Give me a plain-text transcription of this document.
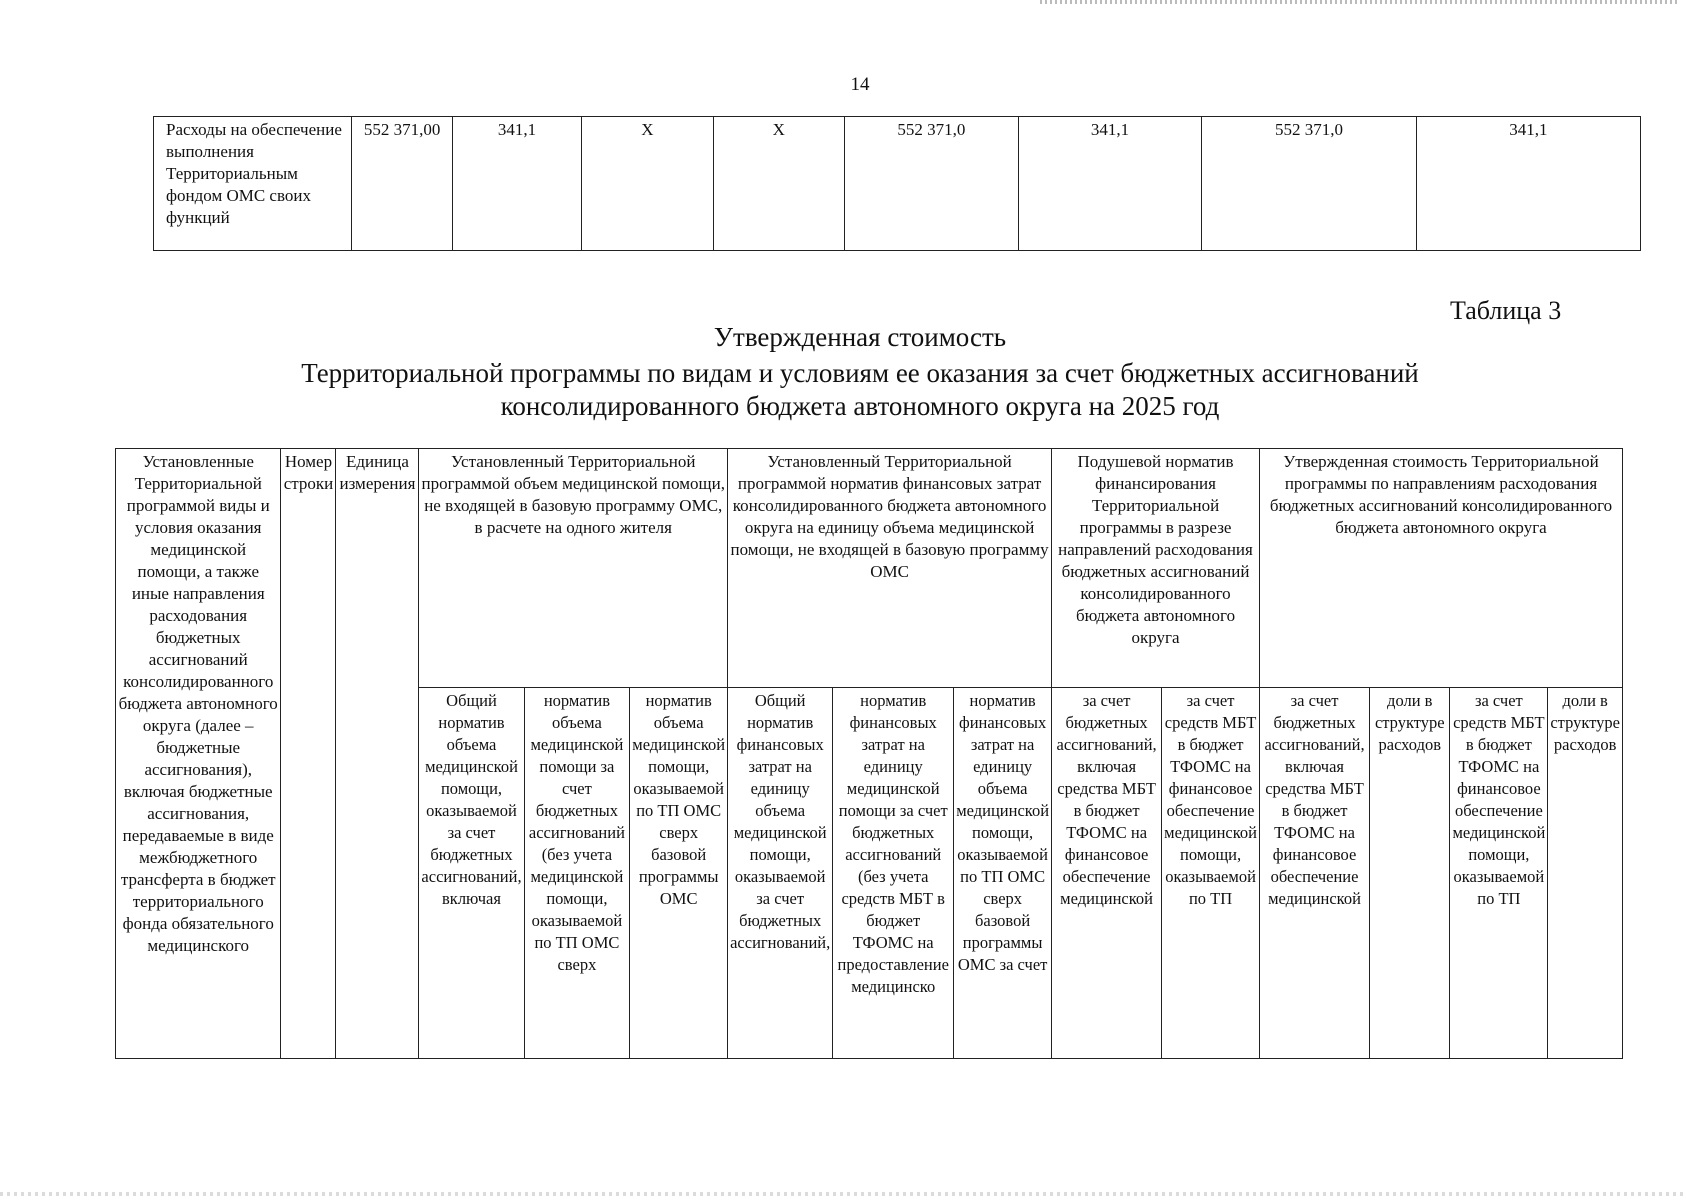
14
Расходы на обеспечение выполнения Территориальным фондом ОМС своих функций	552 371,00	341,1	Х	Х	552 371,0	341,1	552 371,0	341,1
Таблица 3
Утвержденная стоимость
Территориальной программы по видам и условиям ее оказания за счет бюджетных ассигнований
консолидированного бюджета автономного округа на 2025 год
Установленные Территориальной программой виды и условия оказания медицинской помощи, а также иные направления расходования бюджетных ассигнований консолидированного бюджета автономного округа (далее – бюджетные ассигнования), включая бюджетные ассигнования, передаваемые в виде межбюджетного трансферта в бюджет территориального фонда обязательного медицинского	Номер строки	Единица измерения	Установленный Территориальной программой объем медицинской помощи, не входящей в базовую программу ОМС, в расчете на одного жителя			Установленный Территориальной программой норматив финансовых затрат консолидированного бюджета автономного округа на единицу объема медицинской помощи, не входящей в базовую программу ОМС			Подушевой норматив финансирования Территориальной программы в разрезе направлений расходования бюджетных ассигнований консолидированного бюджета автономного округа		Утвержденная стоимость Территориальной программы по направлениям расходования бюджетных ассигнований консолидированного бюджета автономного округа			
			Общий норматив объема медицинской помощи, оказываемой за счет бюджетных ассигнований, включая	норматив объема медицинской помощи за счет бюджетных ассигнований (без учета медицинской помощи, оказываемой по ТП ОМС сверх	норматив объема медицинской помощи, оказываемой по ТП ОМС сверх базовой программы ОМС	Общий норматив финансовых затрат на единицу объема медицинской помощи, оказываемой за счет бюджетных ассигнований,	норматив финансовых затрат на единицу медицинской помощи за счет бюджетных ассигнований (без учета средств МБТ в бюджет ТФОМС на предоставление медицинско	норматив финансовых затрат на единицу объема медицинской помощи, оказываемой по ТП ОМС сверх базовой программы ОМС за счет	за счет бюджетных ассигнований, включая средства МБТ в бюджет ТФОМС на финансовое обеспечение медицинской	за счет средств МБТ в бюджет ТФОМС на финансовое обеспечение медицинской помощи, оказываемой по ТП	за счет бюджетных ассигнований, включая средства МБТ в бюджет ТФОМС на финансовое обеспечение медицинской	доли в структуре расходов	за счет средств МБТ в бюджет ТФОМС на финансовое обеспечение медицинской помощи, оказываемой по ТП	доли в структуре расходов
